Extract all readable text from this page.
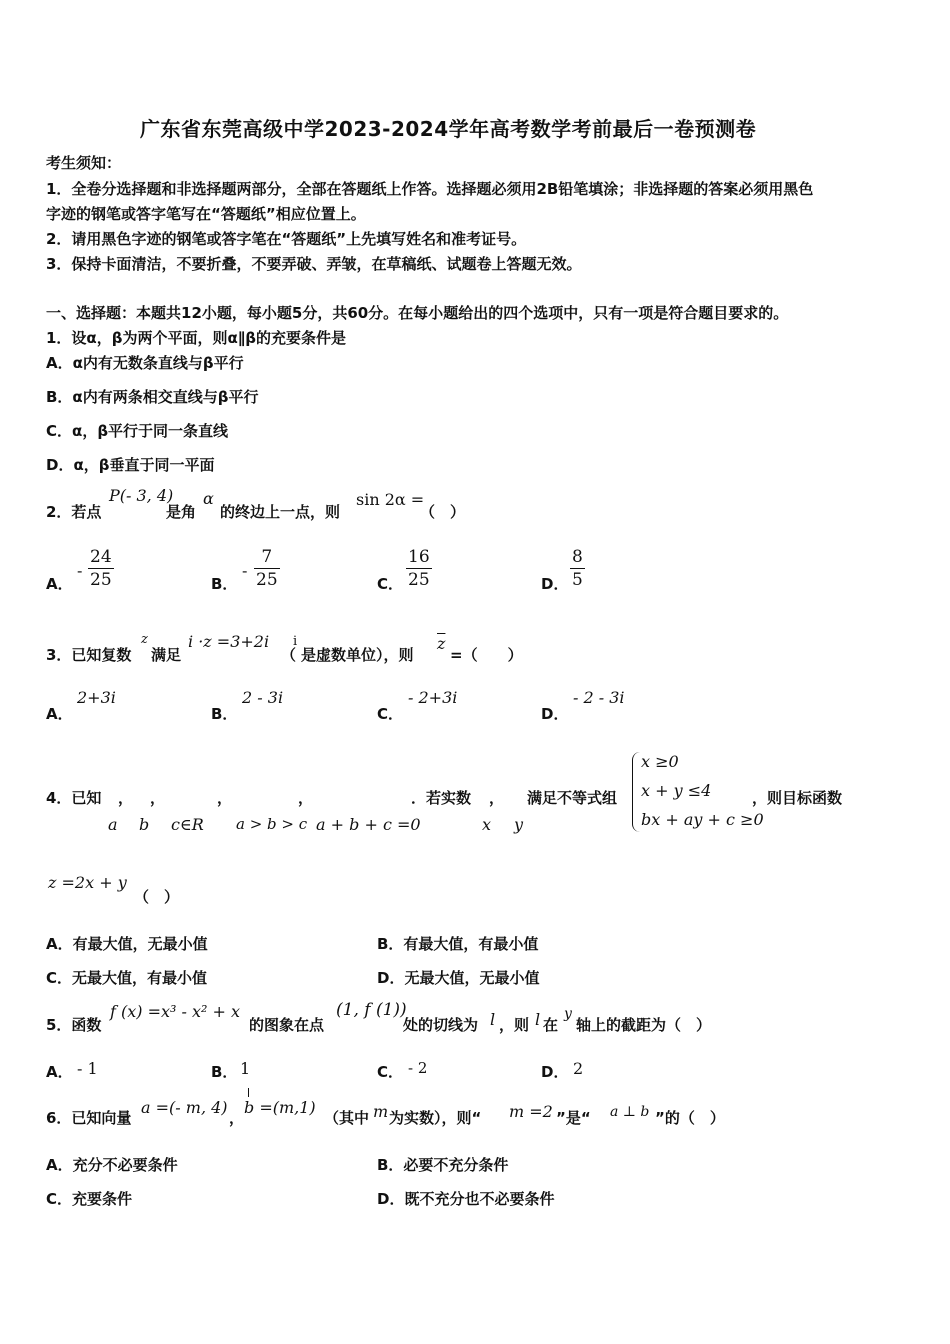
广东省东莞高级中学2023-2024学年高考数学考前最后一卷预测卷
考生须知：
1．全卷分选择题和非选择题两部分，全部在答题纸上作答。选择题必须用2B铅笔填涂；非选择题的答案必须用黑色
字迹的钢笔或答字笔写在“答题纸”相应位置上。
2．请用黑色字迹的钢笔或答字笔在“答题纸”上先填写姓名和准考证号。
3．保持卡面清洁，不要折叠，不要弄破、弄皱，在草稿纸、试题卷上答题无效。
一、选择题：本题共12小题，每小题5分，共60分。在每小题给出的四个选项中，只有一项是符合题目要求的。
1．设α，β为两个平面，则α∥β的充要条件是
A．α内有无数条直线与β平行
B．α内有两条相交直线与β平行
C．α，β平行于同一条直线
D．α，β垂直于同一平面
2．若点
P(- 3, 4)
是角
α
的终边上一点，则
sin 2α =
（　）
A．
- $\frac{24}{25}$	B．
- $\frac{7}{25}$	C． $\frac{16}{25}$	D． $\frac{8}{5}$
3．已知复数
z
满足
i ·z =3+2i
（
i
是虚数单位），则
$\overline{z}$
=（　　）
A．
2+3i
B．
2 - 3i
C．
- 2+3i
D．
- 2 - 3i
4．已知 ， ，	，	，	．若实数 ， 满足不等式组	，则目标函数
a b c∈R a > b > c a + b + c =0	x y
x ≥0
x + y ≤4
bx + ay + c ≥0
z =2x + y
（　）
A．有最大值，无最小值	B．有最大值，有最小值
C．无最大值，有最小值	D．无最大值，无最小值
5．函数
f (x) =x³ - x² + x
的图象在点
(1, f (1))
处的切线为 l ，则 l 在
y
轴上的截距为（　）
A． - 1	B． 1	C． - 2	D． 2
6．已知向量
a =(- m, 4)
，
b =(m,1)
（其中 m 为实数），则“ m =2 ”是“ a ⊥ b ”的（　）
A．充分不必要条件	B．必要不充分条件
C．充要条件	D．既不充分也不必要条件
